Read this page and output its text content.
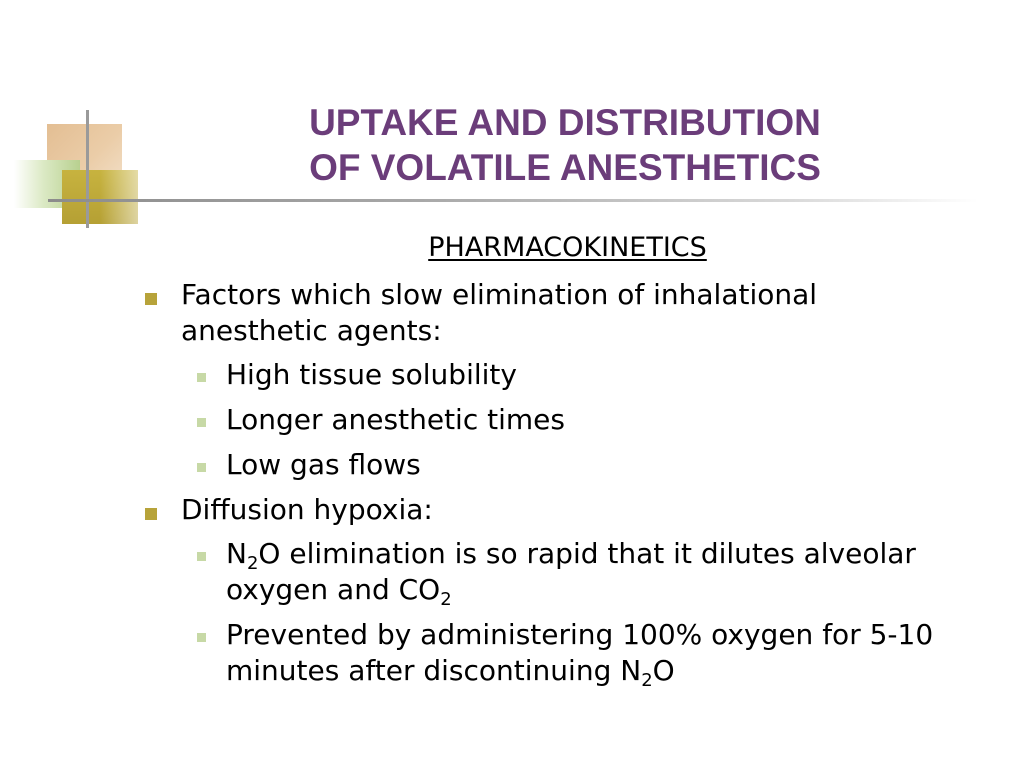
UPTAKE AND DISTRIBUTION
OF VOLATILE ANESTHETICS
PHARMACOKINETICS
Factors which slow elimination of inhalational
anesthetic agents:
High tissue solubility
Longer anesthetic times
Low gas flows
Diffusion hypoxia:
$N_2O$ elimination is so rapid that it dilutes alveolar
oxygen and $CO_2$
Prevented by administering 100% oxygen for 5-10
minutes after discontinuing $N_2O$
